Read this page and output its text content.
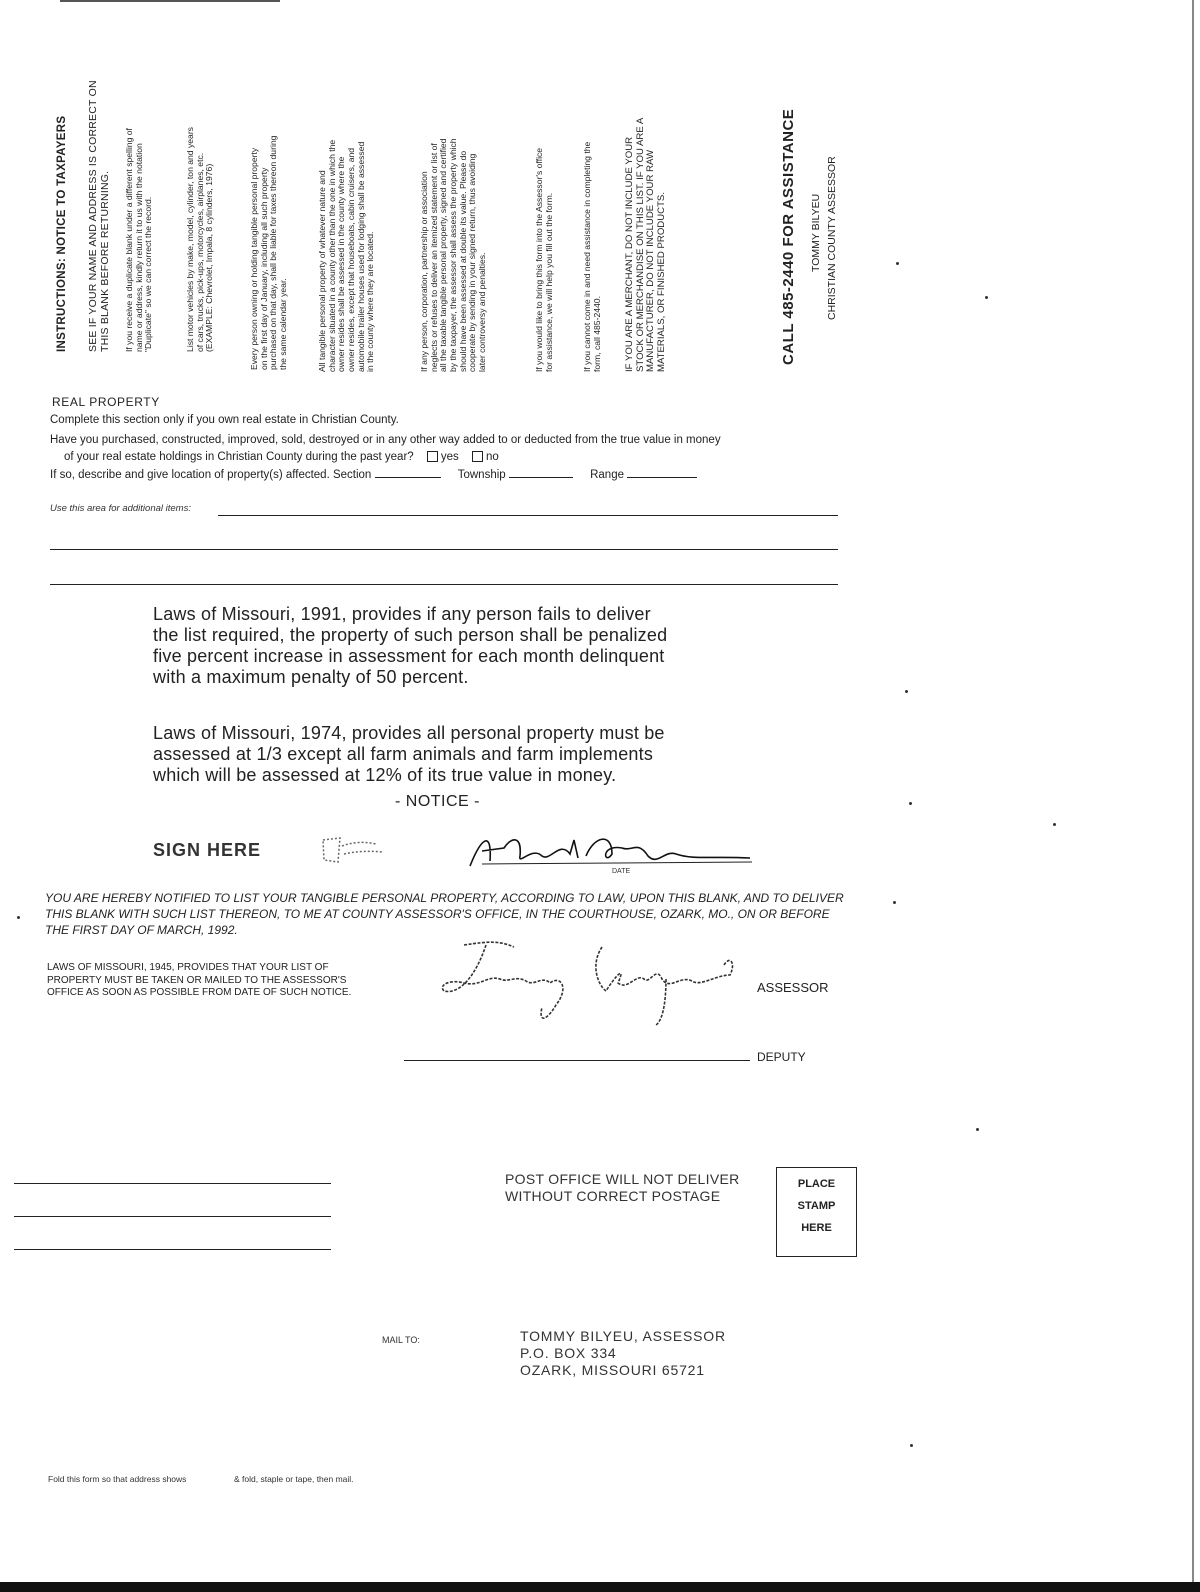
INSTRUCTIONS: NOTICE TO TAXPAYERS SEE IF YOUR NAME AND ADDRESS IS CORRECT ON THIS BLANK BEFORE RETURNING. If you receive a duplicate blank under a different spelling of name or address, kindly return it to us with the notation "Duplicate" so we can correct the record.	List motor vehicles by make, model, cylinder, ton and years of cars, trucks, pick-ups, motorcycles, airplanes, etc. (EXAMPLE: Chevrolet, Impala, 8 cylinders, 1976)	Every person owning or holding tangible personal property on the first day of January, including all such property purchased on that day, shall be liable for taxes thereon during the same calendar year.	All tangible personal property of whatever nature and character situated in a county other than the one in which the owner resides shall be assessed in the county where the owner resides, except that houseboats, cabin cruisers, and automobile trailer houses used for lodging shall be assessed in the county where they are located.	If any person, corporation, partnership or association neglects or refuses to deliver an itemized statement or list of all the taxable tangible personal property, signed and certified by the taxpayer, the assessor shall assess the property which should have been assessed at double its value. Please do cooperate by sending in your signed return, thus avoiding later controversy and penalties.	If you would like to bring this form into the Assessor's office for assistance, we will help you fill out the form.	If you cannot come in and need assistance in completing the form, call 485-2440. IF YOU ARE A MERCHANT, DO NOT INCLUDE YOUR STOCK OR MERCHANDISE ON THIS LIST. IF YOU ARE A MANUFACTURER, DO NOT INCLUDE YOUR RAW MATERIALS, OR FINISHED PRODUCTS.	CALL 485-2440 FOR ASSISTANCE TOMMY BILYEU CHRISTIAN COUNTY ASSESSOR
REAL PROPERTY
Complete this section only if you own real estate in Christian County.
Have you purchased, constructed, improved, sold, destroyed or in any other way added to or deducted from the true value in money
of your real estate holdings in Christian County during the past year? yes no
If so, describe and give location of property(s) affected. Section	Township	Range
Use this area for additional items:
Laws of Missouri, 1991, provides if any person fails to deliver
the list required, the property of such person shall be penalized
five percent increase in assessment for each month delinquent
with a maximum penalty of 50 percent.
Laws of Missouri, 1974, provides all personal property must be
assessed at 1/3 except all farm animals and farm implements
which will be assessed at 12% of its true value in money.
- NOTICE -
SIGN HERE
DATE
YOU ARE HEREBY NOTIFIED TO LIST YOUR TANGIBLE PERSONAL PROPERTY, ACCORDING TO LAW, UPON THIS BLANK, AND TO DELIVER THIS BLANK WITH SUCH LIST THEREON, TO ME AT COUNTY ASSESSOR'S OFFICE, IN THE COURTHOUSE, OZARK, MO., ON OR BEFORE THE FIRST DAY OF MARCH, 1992.
LAWS OF MISSOURI, 1945, PROVIDES THAT YOUR LIST OF PROPERTY MUST BE TAKEN OR MAILED TO THE ASSESSOR'S OFFICE AS SOON AS POSSIBLE FROM DATE OF SUCH NOTICE.	ASSESSOR
DEPUTY
POST OFFICE WILL NOT DELIVER
WITHOUT CORRECT POSTAGE
PLACE
STAMP
HERE
MAIL TO:	TOMMY BILYEU, ASSESSOR
P.O. BOX 334
OZARK, MISSOURI 65721
Fold this form so that address shows	& fold, staple or tape, then mail.
